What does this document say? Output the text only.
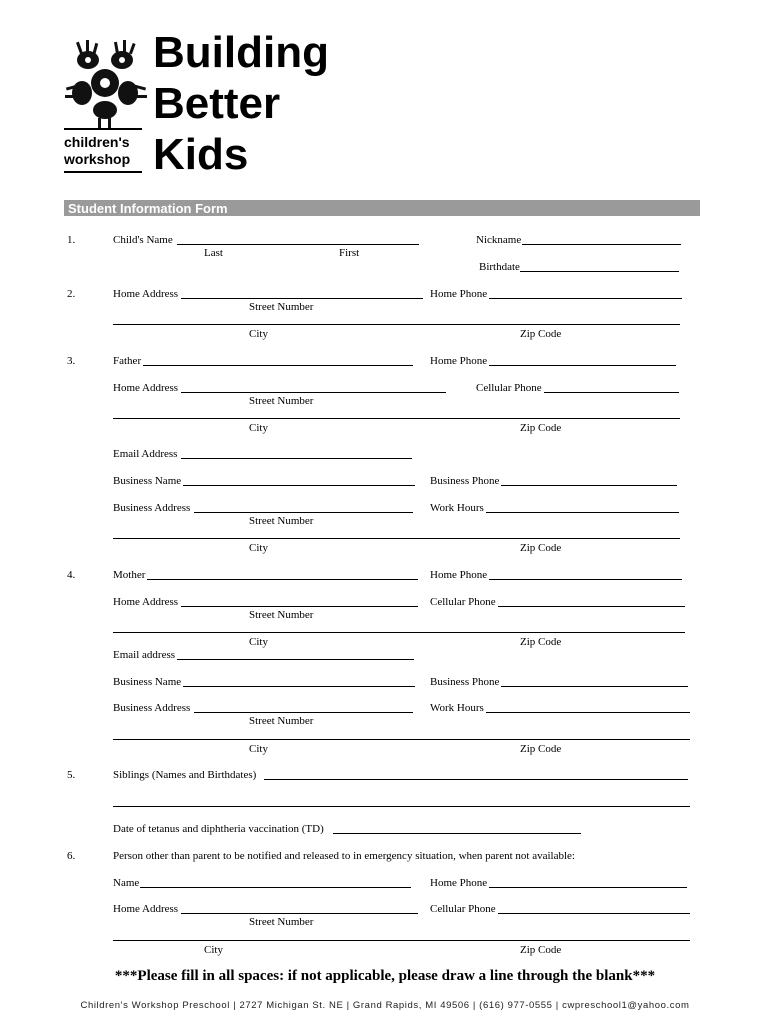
children's
workshop
Building
Better
Kids
Student Information Form
1.	Child's Name
Last	First
Nickname
Birthdate
2.	Home Address	Home Phone
Street Number
City	Zip Code
3.	Father	Home Phone
Home Address	Cellular Phone
Street Number
City	Zip Code
Email Address
Business Name	Business Phone
Business Address	Work Hours
Street Number
City	Zip Code
4.	Mother	Home Phone
Home Address	Cellular Phone
Street Number
City	Zip Code
Email address
Business Name	Business Phone
Business Address	Work Hours
Street Number
City	Zip Code
5.	Siblings (Names and Birthdates)
Date of tetanus and diphtheria vaccination (TD)
6.	Person other than parent to be notified and released to in emergency situation, when parent not available:
Name	Home Phone
Home Address	Cellular Phone
Street Number
City	Zip Code
***Please fill in all spaces: if not applicable, please draw a line through the blank***
Children's Workshop Preschool | 2727 Michigan St. NE | Grand Rapids, MI 49506 | (616) 977-0555 | cwpreschool1@yahoo.com
